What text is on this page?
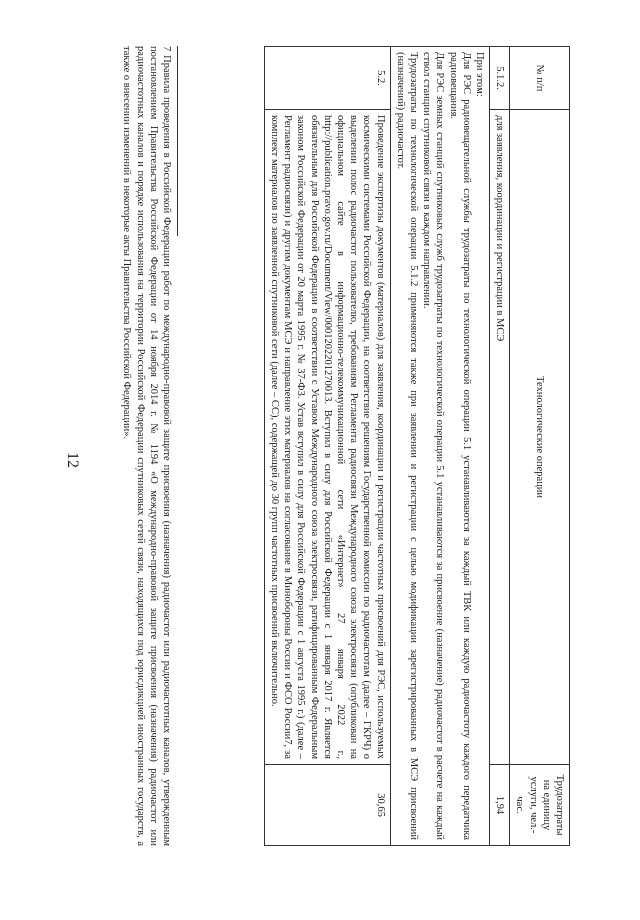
12
№ п/п	Технологические операции	Трудозатраты на единицу услуги, чел.-час.
5.1.2.	для заявления, координации и регистрации в МСЭ	1,94

При этом:

Для РЭС радиовещательной службы трудозатраты по технологической операции 5.1 устанавливаются за каждый ТВК или каждую радиочастоту каждого передатчика радиовещания.

Для РЭС земных станций спутниковых служб трудозатраты по технологической операции 5.1 устанавливаются за присвоение (назначение) радиочастот в расчете на каждый ствол станции спутниковой связи в каждом направлении.

Трудозатраты по технологической операции 5.1.2 применяются также при заявлении и регистрации с целью модификации зарегистрированных в МСЭ присвоений (назначений) радиочастот.		

5.2.	Проведение экспертизы документов (материалов) для заявления, координации и регистрации частотных присвоений для РЭС, используемых космическими системами Российской Федерации, на соответствие решениям Государственной комиссии по радиочастотам (далее – ГКРЧ) о выделении полос радиочастот пользователю, требованиям Регламента радиосвязи Международного союза электросвязи (опубликован на официальном сайте в информационно-телекоммуникационной сети «Интернет» 27 января 2022 г., http://publication.pravo.gov.ru/Document/View/0001202201270013. Вступил в силу для Российской Федерации с 1 января 2017 г. Является обязательным для Российской Федерации в соответствии с Уставом Международного союза электросвязи, ратифицированным Федеральным законом Российской Федерации от 20 марта 1995 г. № 37-ФЗ. Устав вступил в силу для Российской Федерации с 1 августа 1995 г.) (далее – Регламент радиосвязи) и другим документам МСЭ и направление этих материалов на согласование в Минобороны России и ФСО России7, за комплект материалов по заявленной спутниковой сети (далее – СС), содержащей до 30 групп частотных присвоений включительно.	30,65
7 Правила проведения в Российской Федерации работ по международно-правовой защите присвоения (назначения) радиочастот или радиочастотных каналов, утвержденным постановлением Правительства Российской Федерации от 14 ноября 2014 г. № 1194 «О международно-правовой защите присвоения (назначения) радиочастот или радиочастотных каналов и порядке использования на территории Российской Федерации спутниковых сетей связи, находящихся под юрисдикцией иностранных государств, а также о внесении изменений в некоторые акты Правительства Российской Федерации».
